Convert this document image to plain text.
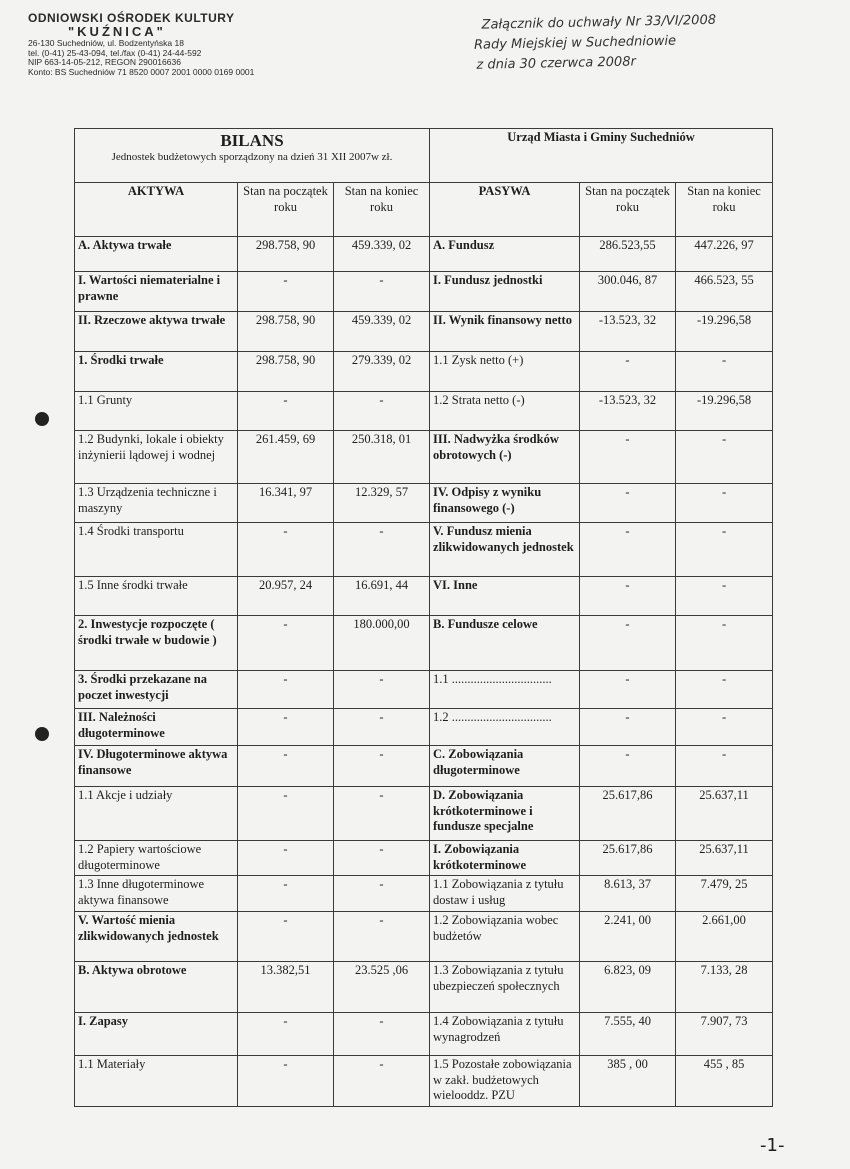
ODNIOWSKI OŚRODEK KULTURY
"KUŹNICA"
26-130 Suchedniów, ul. Bodzentyńska 18
tel. (0-41) 25-43-094, tel./fax (0-41) 24-44-592
NIP 663-14-05-212, REGON 290016636
Konto: BS Suchedniów 71 8520 0007 2001 0000 0169 0001
Załącznik do uchwały Nr 33/VI/2008
Rady Miejskiej w Suchedniowie
z dnia 30 czerwca 2008r
BILANS
Jednostek budżetowych sporządzony na dzień 31 XII 2007w zł.			Urząd Miasta i Gminy Suchedniów		
AKTYWA	Stan na początek roku	Stan na koniec roku	PASYWA	Stan na początek roku	Stan na koniec roku
A. Aktywa trwałe	298.758, 90	459.339, 02	A. Fundusz	286.523,55	447.226, 97
I. Wartości niematerialne i prawne	-	-	I. Fundusz jednostki	300.046, 87	466.523, 55
II. Rzeczowe aktywa trwałe	298.758, 90	459.339, 02	II. Wynik finansowy netto	-13.523, 32	-19.296,58
1. Środki trwałe	298.758, 90	279.339, 02	1.1 Zysk netto (+)	-	-
1.1 Grunty	-	-	1.2 Strata netto (-)	-13.523, 32	-19.296,58
1.2 Budynki, lokale i obiekty inżynierii lądowej i wodnej	261.459, 69	250.318, 01	III. Nadwyżka środków obrotowych (-)	-	-
1.3 Urządzenia techniczne i maszyny	16.341, 97	12.329, 57	IV. Odpisy z wyniku finansowego (-)	-	-
1.4 Środki transportu	-	-	V. Fundusz mienia zlikwidowanych jednostek	-	-
1.5 Inne środki trwałe	20.957, 24	16.691, 44	VI. Inne	-	-
2. Inwestycje rozpoczęte ( środki trwałe w budowie )	-	180.000,00	B. Fundusze celowe	-	-
3. Środki przekazane na poczet inwestycji	-	-	1.1 ................................	-	-
III. Należności długoterminowe	-	-	1.2 ................................	-	-
IV. Długoterminowe aktywa finansowe	-	-	C. Zobowiązania długoterminowe	-	-
1.1 Akcje i udziały	-	-	D. Zobowiązania krótkoterminowe i fundusze specjalne	25.617,86	25.637,11
1.2 Papiery wartościowe długoterminowe	-	-	I. Zobowiązania krótkoterminowe	25.617,86	25.637,11
1.3 Inne długoterminowe aktywa finansowe	-	-	1.1 Zobowiązania z tytułu dostaw i usług	8.613, 37	7.479, 25
V. Wartość mienia zlikwidowanych jednostek	-	-	1.2 Zobowiązania wobec budżetów	2.241, 00	2.661,00
B. Aktywa obrotowe	13.382,51	23.525 ,06	1.3 Zobowiązania z tytułu ubezpieczeń społecznych	6.823, 09	7.133, 28
I. Zapasy	-	-	1.4 Zobowiązania z tytułu wynagrodzeń	7.555, 40	7.907, 73
1.1 Materiały	-	-	1.5 Pozostałe zobowiązania w zakł. budżetowych wielooddz. PZU	385 , 00	455 , 85
-1-
